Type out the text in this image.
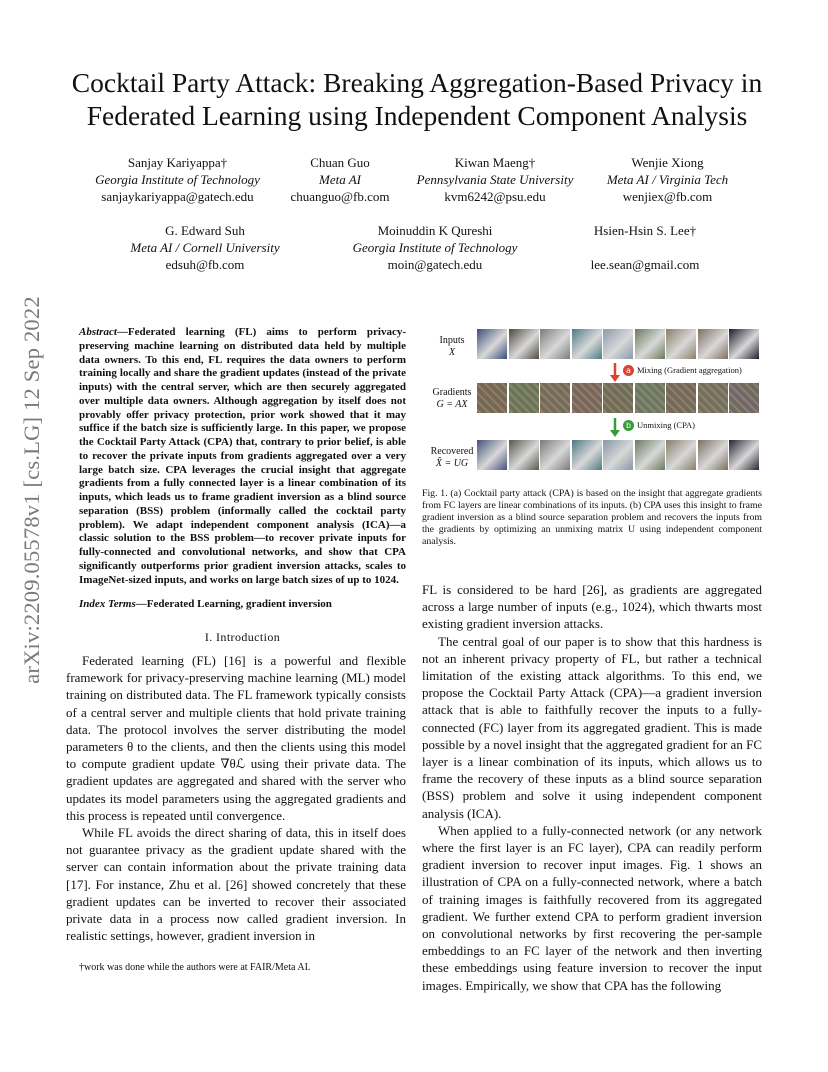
arXiv:2209.05578v1 [cs.LG] 12 Sep 2022
Cocktail Party Attack: Breaking Aggregation-Based Privacy in Federated Learning using Independent Component Analysis
Sanjay Kariyappa†
Georgia Institute of Technology
sanjaykariyappa@gatech.edu
Chuan Guo
Meta AI
chuanguo@fb.com
Kiwan Maeng†
Pennsylvania State University
kvm6242@psu.edu
Wenjie Xiong
Meta AI / Virginia Tech
wenjiex@fb.com
G. Edward Suh
Meta AI / Cornell University
edsuh@fb.com
Moinuddin K Qureshi
Georgia Institute of Technology
moin@gatech.edu
Hsien-Hsin S. Lee†
lee.sean@gmail.com
Abstract—Federated learning (FL) aims to perform privacy-preserving machine learning on distributed data held by multiple data owners. To this end, FL requires the data owners to perform training locally and share the gradient updates (instead of the private inputs) with the central server, which are then securely aggregated over multiple data owners. Although aggregation by itself does not provably offer privacy protection, prior work showed that it may suffice if the batch size is sufficiently large. In this paper, we propose the Cocktail Party Attack (CPA) that, contrary to prior belief, is able to recover the private inputs from gradients aggregated over a very large batch size. CPA leverages the crucial insight that aggregate gradients from a fully connected layer is a linear combination of its inputs, which leads us to frame gradient inversion as a blind source separation (BSS) problem (informally called the cocktail party problem). We adapt independent component analysis (ICA)—a classic solution to the BSS problem—to recover private inputs for fully-connected and convolutional networks, and show that CPA significantly outperforms prior gradient inversion attacks, scales to ImageNet-sized inputs, and works on large batch sizes of up to 1024.
Index Terms—Federated Learning, gradient inversion
I. Introduction

Federated learning (FL) [16] is a powerful and flexible framework for privacy-preserving machine learning (ML) model training on distributed data. The FL framework typically consists of a central server and multiple clients that hold private training data. The protocol involves the server distributing the model parameters θ to the clients, and then the clients using this model to compute gradient update ∇θℒ using their private data. The gradient updates are aggregated and shared with the server who updates its model parameters using the aggregated gradients and this process is repeated until convergence.

While FL avoids the direct sharing of data, this in itself does not guarantee privacy as the gradient update shared with the server can contain information about the private training data [17]. For instance, Zhu et al. [26] showed concretely that these gradient updates can be inverted to recover their associated private data in a process now called gradient inversion. In realistic settings, however, gradient inversion in

†work was done while the authors were at FAIR/Meta AI.
Inputs
X
Gradients
G = AX
Recovered
X̂ = UG
a Mixing (Gradient aggregation)
b Unmixing (CPA)
Fig. 1. (a) Cocktail party attack (CPA) is based on the insight that aggregate gradients from FC layers are linear combinations of its inputs. (b) CPA uses this insight to frame gradient inversion as a blind source separation problem and recovers the inputs from the gradients by optimizing an unmixing matrix U using independent component analysis.

FL is considered to be hard [26], as gradients are aggregated across a large number of inputs (e.g., 1024), which thwarts most existing gradient inversion attacks.

The central goal of our paper is to show that this hardness is not an inherent privacy property of FL, but rather a technical limitation of the existing attack algorithms. To this end, we propose the Cocktail Party Attack (CPA)—a gradient inversion attack that is able to faithfully recover the inputs to a fully-connected (FC) layer from its aggregated gradient. This is made possible by a novel insight that the aggregated gradient for an FC layer is a linear combination of its inputs, which allows us to frame the recovery of these inputs as a blind source separation (BSS) problem and solve it using independent component analysis (ICA).

When applied to a fully-connected network (or any network where the first layer is an FC layer), CPA can readily perform gradient inversion to recover input images. Fig. 1 shows an illustration of CPA on a fully-connected network, where a batch of training images is faithfully recovered from its aggregated gradient. We further extend CPA to perform gradient inversion on convolutional networks by first recovering the per-sample embeddings to an FC layer of the network and then inverting these embeddings using feature inversion to recover the input images. Empirically, we show that CPA has the following
